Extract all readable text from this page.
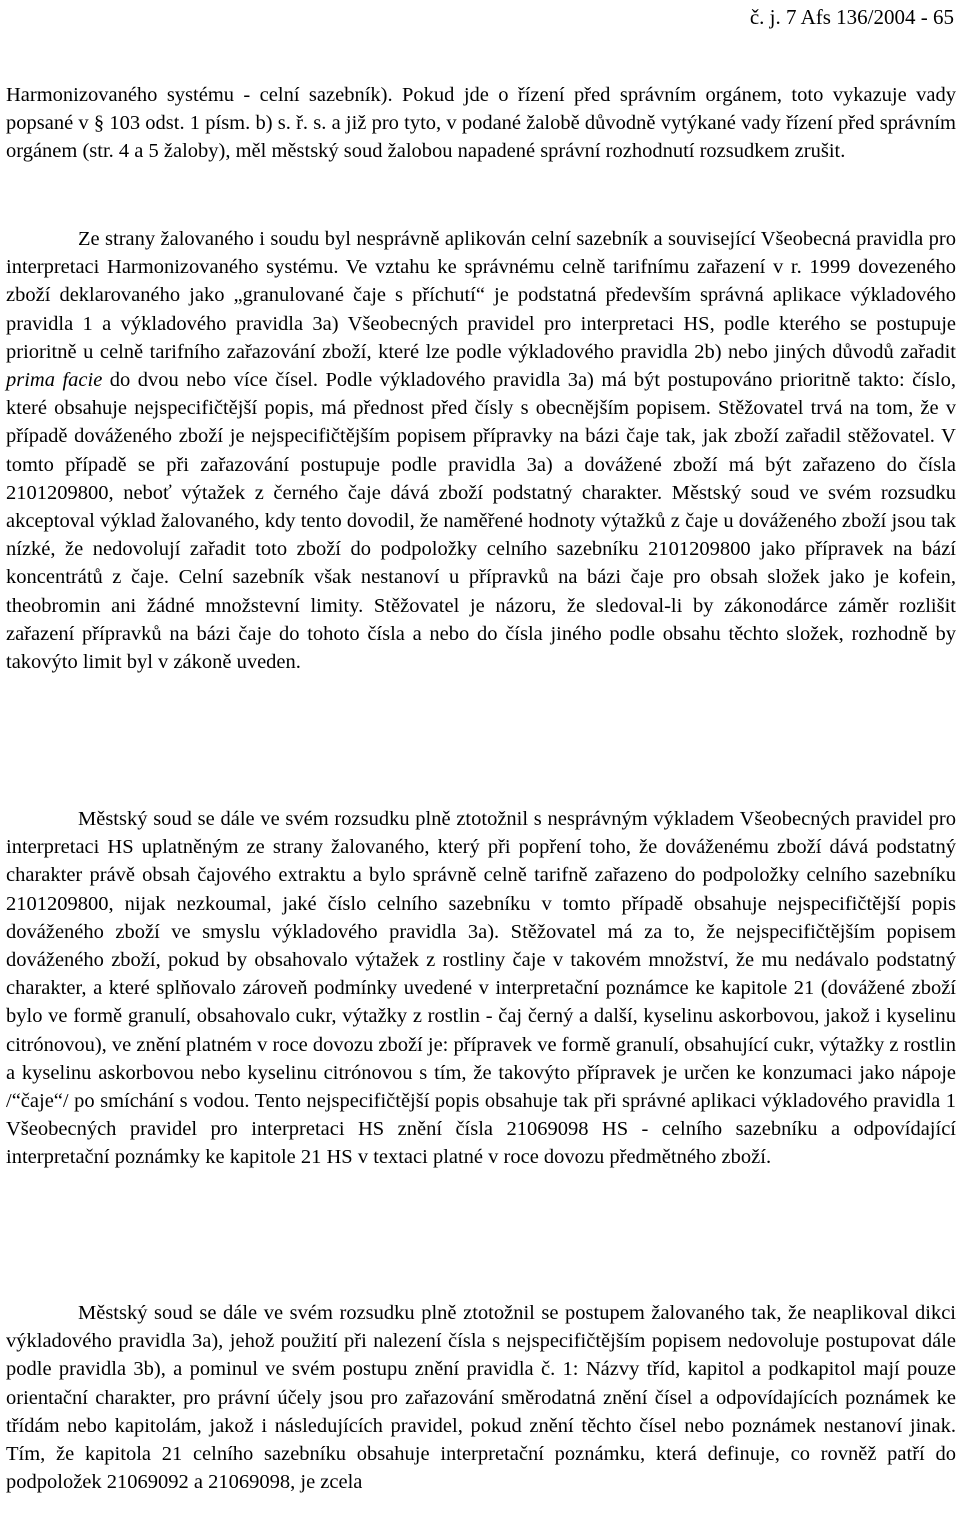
č. j. 7 Afs 136/2004 - 65

Harmonizovaného systému - celní sazebník). Pokud jde o řízení před správním orgánem, toto vykazuje vady popsané v § 103 odst. 1 písm. b) s. ř. s. a již pro tyto, v podané žalobě důvodně vytýkané vady řízení před správním orgánem (str. 4 a 5 žaloby), měl městský soud žalobou napadené správní rozhodnutí rozsudkem zrušit.

Ze strany žalovaného i soudu byl nesprávně aplikován celní sazebník a související Všeobecná pravidla pro interpretaci Harmonizovaného systému. Ve vztahu ke správnému celně tarifnímu zařazení v r. 1999 dovezeného zboží deklarovaného jako „granulované čaje s příchutí“ je podstatná především správná aplikace výkladového pravidla 1 a výkladového pravidla 3a) Všeobecných pravidel pro interpretaci HS, podle kterého se postupuje prioritně u celně tarifního zařazování zboží, které lze podle výkladového pravidla 2b) nebo jiných důvodů zařadit prima facie do dvou nebo více čísel. Podle výkladového pravidla 3a) má být postupováno prioritně takto: číslo, které obsahuje nejspecifičtější popis, má přednost před čísly s obecnějším popisem. Stěžovatel trvá na tom, že v případě dováženého zboží je nejspecifičtějším popisem přípravky na bázi čaje tak, jak zboží zařadil stěžovatel. V tomto případě se při zařazování postupuje podle pravidla 3a) a dovážené zboží má být zařazeno do čísla 2101209800, neboť výtažek z černého čaje dává zboží podstatný charakter. Městský soud ve svém rozsudku akceptoval výklad žalovaného, kdy tento dovodil, že naměřené hodnoty výtažků z čaje u dováženého zboží jsou tak nízké, že nedovolují zařadit toto zboží do podpoložky celního sazebníku 2101209800 jako přípravek na bází koncentrátů z čaje. Celní sazebník však nestanoví u přípravků na bázi čaje pro obsah složek jako je kofein, theobromin ani žádné množstevní limity. Stěžovatel je názoru, že sledoval-li by zákonodárce záměr rozlišit zařazení přípravků na bázi čaje do tohoto čísla a nebo do čísla jiného podle obsahu těchto složek, rozhodně by takovýto limit byl v zákoně uveden.

Městský soud se dále ve svém rozsudku plně ztotožnil s nesprávným výkladem Všeobecných pravidel pro interpretaci HS uplatněným ze strany žalovaného, který při popření toho, že dováženému zboží dává podstatný charakter právě obsah čajového extraktu a bylo správně celně tarifně zařazeno do podpoložky celního sazebníku 2101209800, nijak nezkoumal, jaké číslo celního sazebníku v tomto případě obsahuje nejspecifičtější popis dováženého zboží ve smyslu výkladového pravidla 3a). Stěžovatel má za to, že nejspecifičtějším popisem dováženého zboží, pokud by obsahovalo výtažek z rostliny čaje v takovém množství, že mu nedávalo podstatný charakter, a které splňovalo zároveň podmínky uvedené v interpretační poznámce ke kapitole 21 (dovážené zboží bylo ve formě granulí, obsahovalo cukr, výtažky z rostlin - čaj černý a další, kyselinu askorbovou, jakož i kyselinu citrónovou), ve znění platném v roce dovozu zboží je: přípravek ve formě granulí, obsahující cukr, výtažky z rostlin a kyselinu askorbovou nebo kyselinu citrónovou s tím, že takovýto přípravek je určen ke konzumaci jako nápoje /“čaje“/ po smíchání s vodou. Tento nejspecifičtější popis obsahuje tak při správné aplikaci výkladového pravidla 1 Všeobecných pravidel pro interpretaci HS znění čísla 21069098 HS - celního sazebníku a odpovídající interpretační poznámky ke kapitole 21 HS v textaci platné v roce dovozu předmětného zboží.

Městský soud se dále ve svém rozsudku plně ztotožnil se postupem žalovaného tak, že neaplikoval dikci výkladového pravidla 3a), jehož použití při nalezení čísla s nejspecifičtějším popisem nedovoluje postupovat dále podle pravidla 3b), a pominul ve svém postupu znění pravidla č. 1: Názvy tříd, kapitol a podkapitol mají pouze orientační charakter, pro právní účely jsou pro zařazování směrodatná znění čísel a odpovídajících poznámek ke třídám nebo kapitolám, jakož i následujících pravidel, pokud znění těchto čísel nebo poznámek nestanoví jinak. Tím, že kapitola 21 celního sazebníku obsahuje interpretační poznámku, která definuje, co rovněž patří do podpoložek 21069092 a 21069098, je zcela
